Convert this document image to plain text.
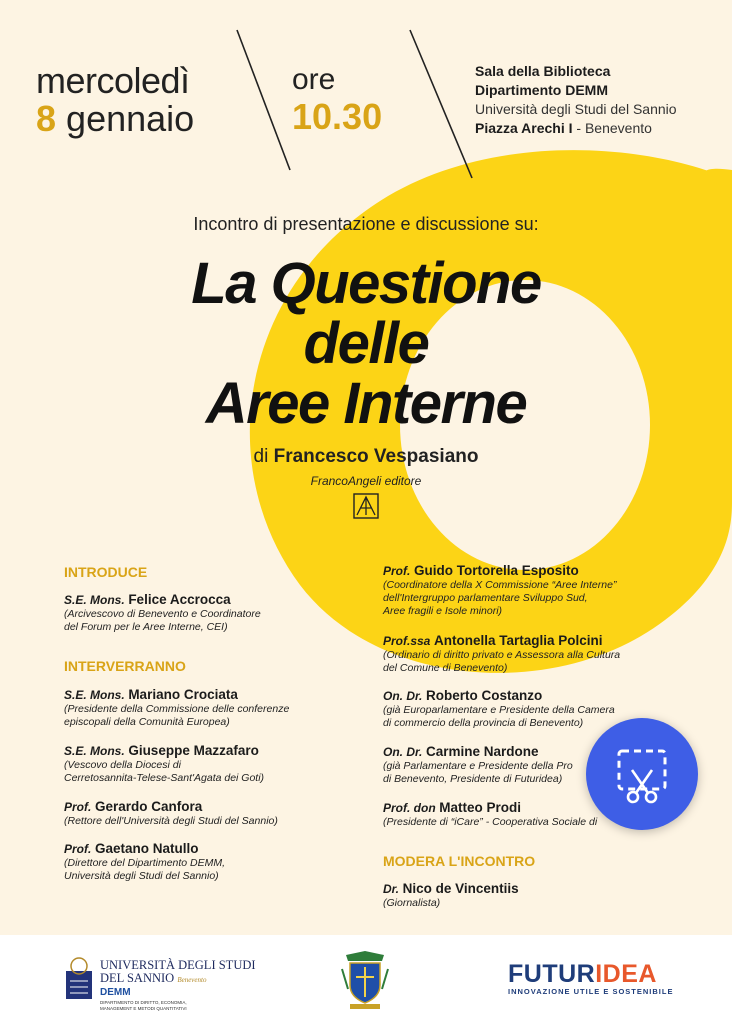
mercoledì
8 gennaio
ore
10.30
Sala della Biblioteca
Dipartimento DEMM
Università degli Studi del Sannio
Piazza Arechi I - Benevento
Incontro di presentazione e discussione su:
La Questione
delle
Aree Interne
di Francesco Vespasiano
FrancoAngeli editore
INTRODUCE
S.E. Mons. Felice Accrocca
(Arcivescovo di Benevento e Coordinatore
del Forum per le Aree Interne, CEI)
INTERVERRANNO
S.E. Mons. Mariano Crociata
(Presidente della Commissione delle conferenze
episcopali della Comunità Europea)
S.E. Mons. Giuseppe Mazzafaro
(Vescovo della Diocesi di
Cerretosannita-Telese-Sant'Agata dei Goti)
Prof. Gerardo Canfora
(Rettore dell'Università degli Studi del Sannio)
Prof. Gaetano Natullo
(Direttore del Dipartimento DEMM,
Università degli Studi del Sannio)
Prof. Guido Tortorella Esposito
(Coordinatore della X Commissione “Aree Interne”
dell'Intergruppo parlamentare Sviluppo Sud,
Aree fragili e Isole minori)
Prof.ssa Antonella Tartaglia Polcini
(Ordinario di diritto privato e Assessora alla Cultura
del Comune di Benevento)
On. Dr. Roberto Costanzo
(già Europarlamentare e Presidente della Camera
di commercio della provincia di Benevento)
On. Dr. Carmine Nardone
(già Parlamentare e Presidente della Pro
di Benevento, Presidente di Futuridea)
Prof. don Matteo Prodi
(Presidente di “iCare” - Cooperativa Sociale di
MODERA L'INCONTRO
Dr. Nico de Vincentiis
(Giornalista)
UNIVERSITÀ DEGLI STUDI
DEL SANNIO Benevento
DEMM
DIPARTIMENTO DI DIRITTO, ECONOMIA,
MANAGEMENT E METODI QUANTITATIVI
FUTURIDEA
INNOVAZIONE UTILE E SOSTENIBILE
